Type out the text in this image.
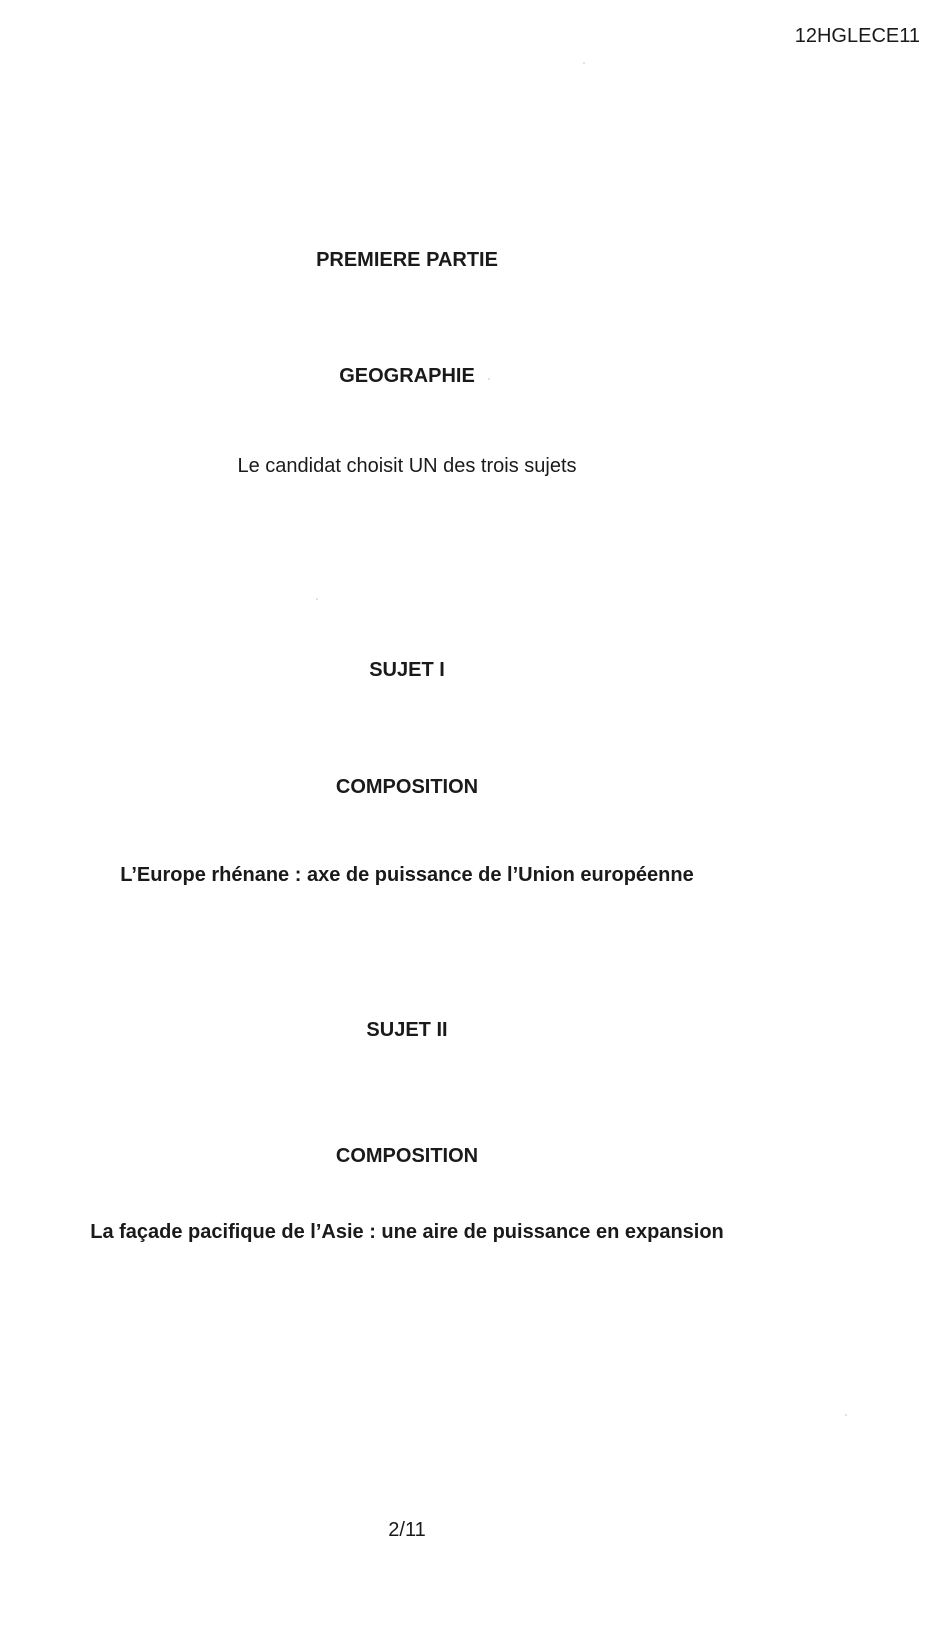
12HGLECE11
PREMIERE PARTIE
GEOGRAPHIE
Le candidat choisit UN des trois sujets
SUJET I
COMPOSITION
L’Europe rhénane : axe de puissance de l’Union européenne
SUJET II
COMPOSITION
La façade pacifique de l’Asie : une aire de puissance en expansion
2/11
